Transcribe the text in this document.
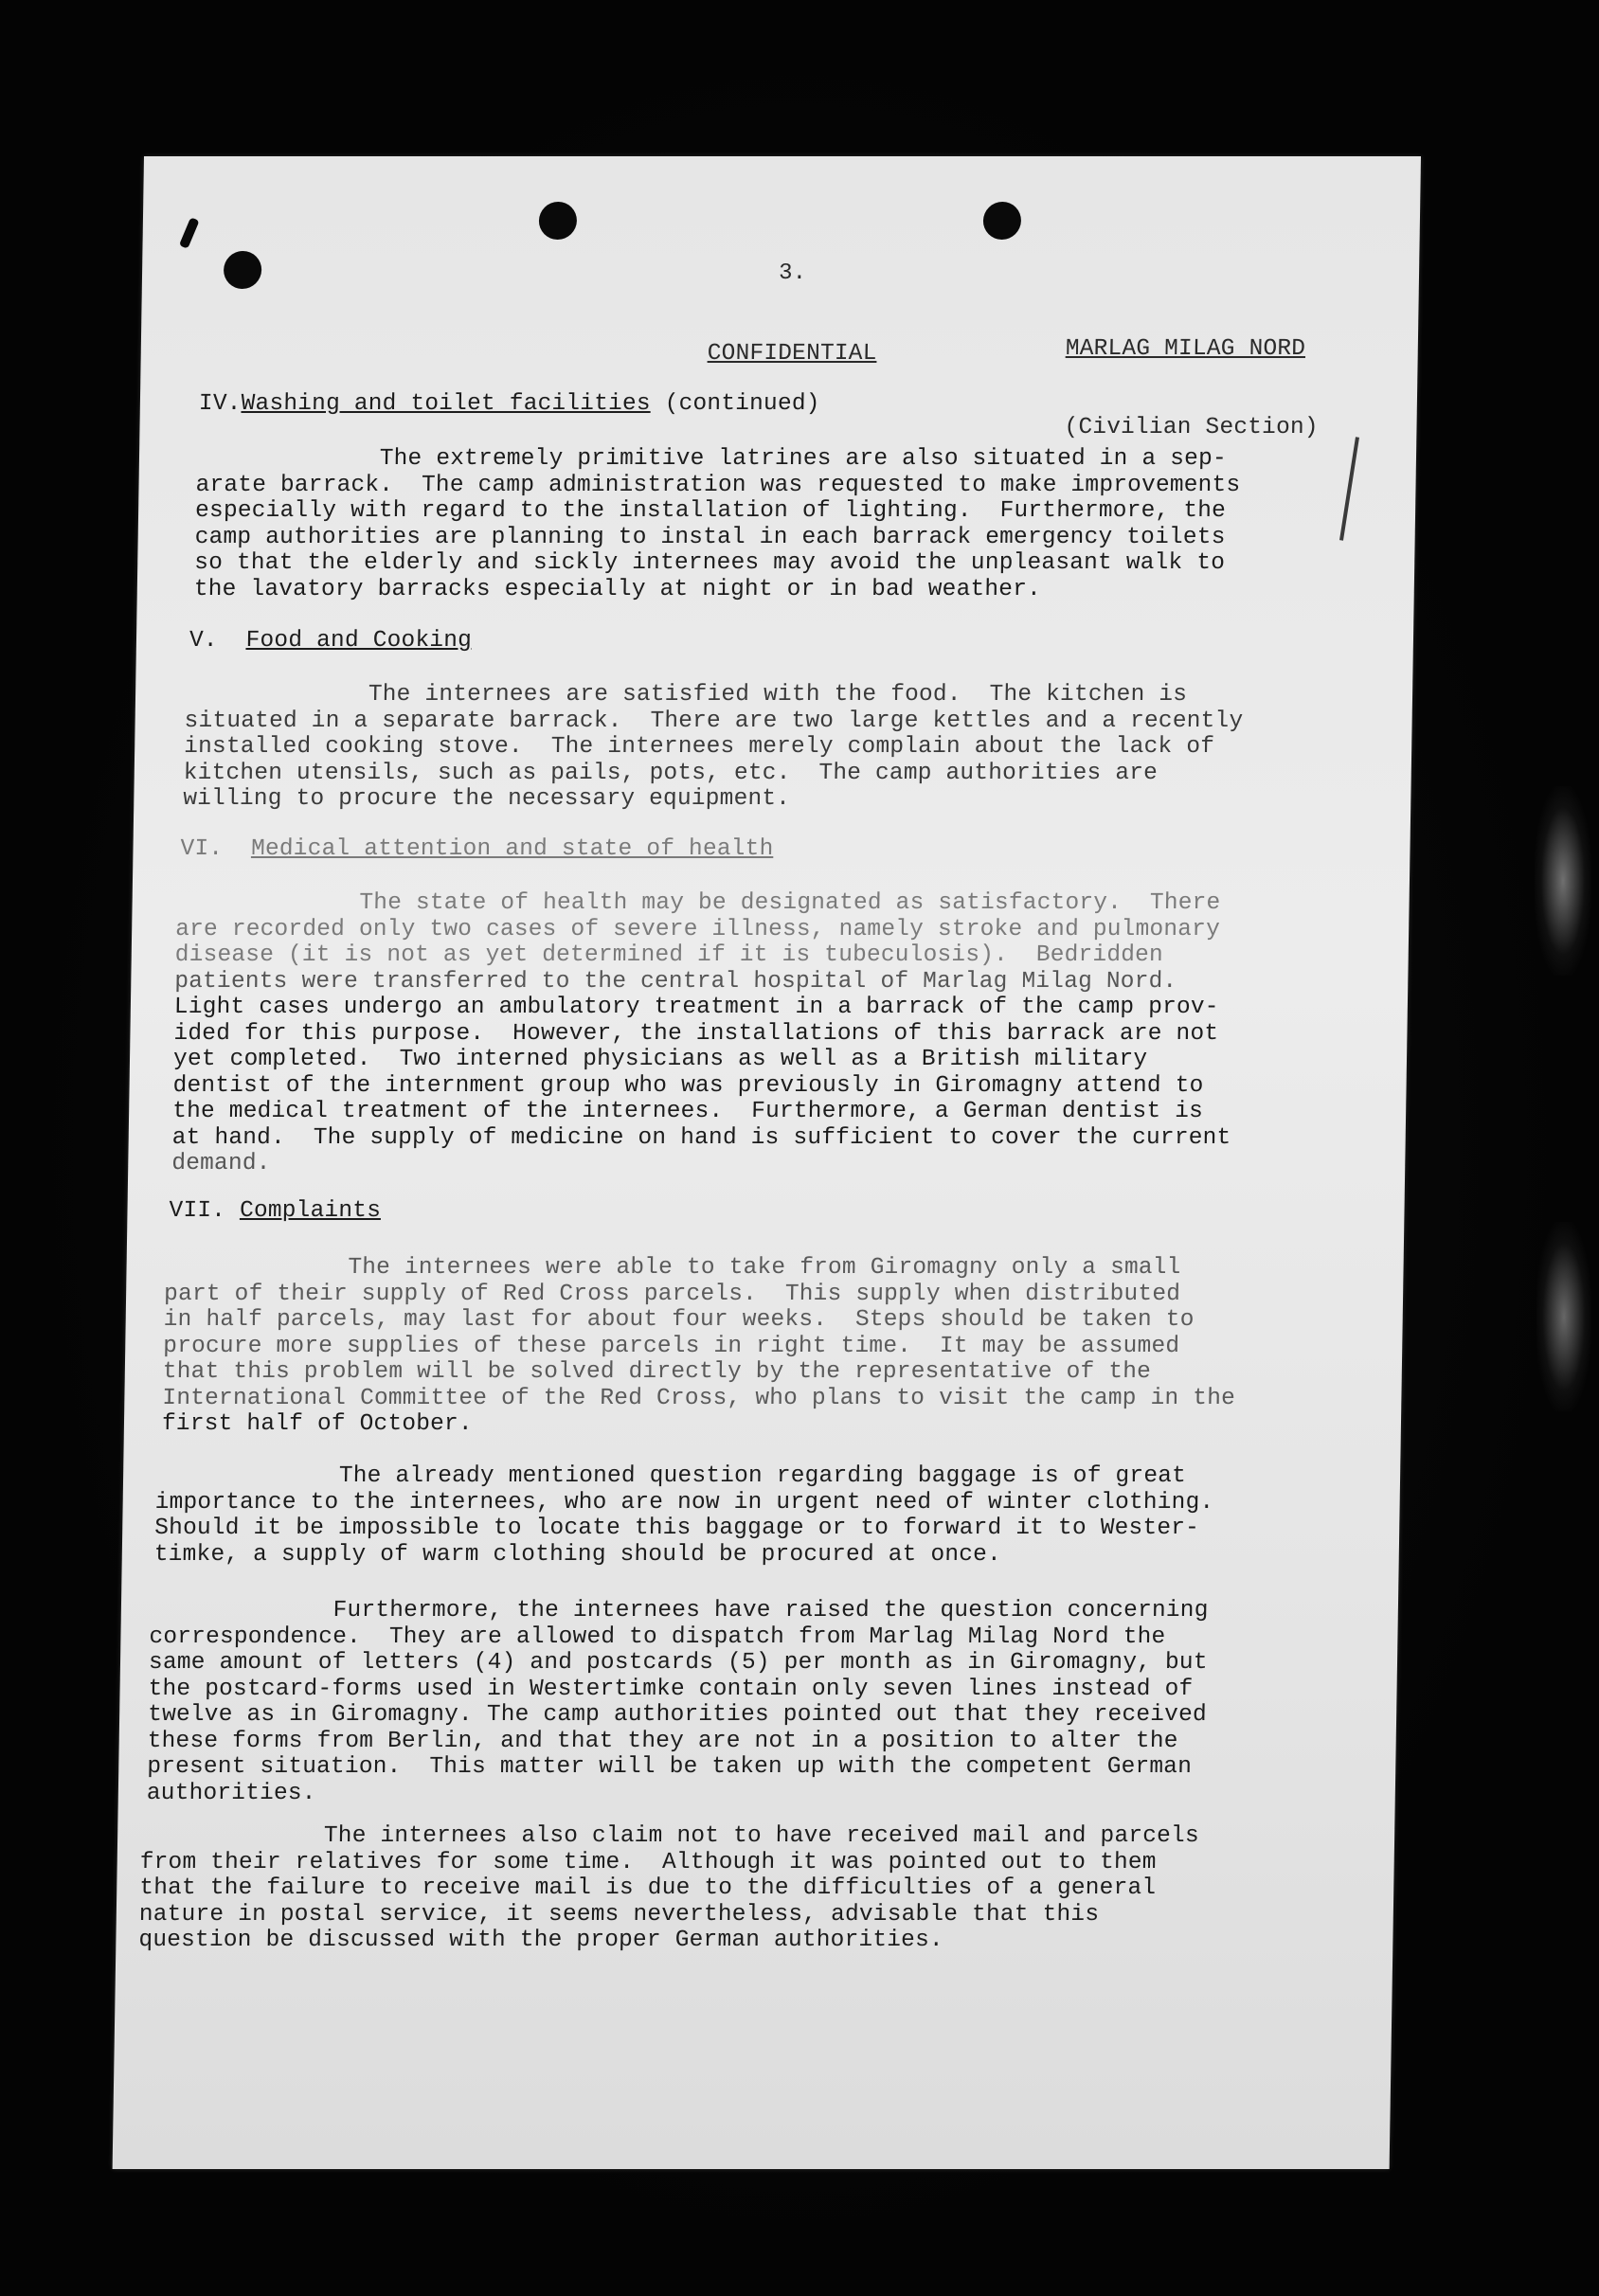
3.

MARLAG MILAG NORD

(Civilian Section)

CONFIDENTIAL
IV.Washing and toilet facilities (continued)
The extremely primitive latrines are also situated in a sep-
arate barrack.  The camp administration was requested to make improvements
especially with regard to the installation of lighting.  Furthermore, the
camp authorities are planning to instal in each barrack emergency toilets
so that the elderly and sickly internees may avoid the unpleasant walk to
the lavatory barracks especially at night or in bad weather.
V. Food and Cooking
The internees are satisfied with the food.  The kitchen is
situated in a separate barrack.  There are two large kettles and a recently
installed cooking stove.  The internees merely complain about the lack of
kitchen utensils, such as pails, pots, etc.  The camp authorities are
willing to procure the necessary equipment.
VI. Medical attention and state of health
The state of health may be designated as satisfactory.  There
are recorded only two cases of severe illness, namely stroke and pulmonary
disease (it is not as yet determined if it is tubeculosis).  Bedridden
patients were transferred to the central hospital of Marlag Milag Nord.
Light cases undergo an ambulatory treatment in a barrack of the camp prov-
ided for this purpose.  However, the installations of this barrack are not
yet completed.  Two interned physicians as well as a British military
dentist of the internment group who was previously in Giromagny attend to
the medical treatment of the internees.  Furthermore, a German dentist is
at hand.  The supply of medicine on hand is sufficient to cover the current
demand.
VII. Complaints
The internees were able to take from Giromagny only a small
part of their supply of Red Cross parcels.  This supply when distributed
in half parcels, may last for about four weeks.  Steps should be taken to
procure more supplies of these parcels in right time.  It may be assumed
that this problem will be solved directly by the representative of the
International Committee of the Red Cross, who plans to visit the camp in the
first half of October.
The already mentioned question regarding baggage is of great
importance to the internees, who are now in urgent need of winter clothing.
Should it be impossible to locate this baggage or to forward it to Wester-
timke, a supply of warm clothing should be procured at once.
Furthermore, the internees have raised the question concerning
correspondence.  They are allowed to dispatch from Marlag Milag Nord the
same amount of letters (4) and postcards (5) per month as in Giromagny, but
the postcard-forms used in Westertimke contain only seven lines instead of
twelve as in Giromagny. The camp authorities pointed out that they received
these forms from Berlin, and that they are not in a position to alter the
present situation.  This matter will be taken up with the competent German
authorities.
The internees also claim not to have received mail and parcels
from their relatives for some time.  Although it was pointed out to them
that the failure to receive mail is due to the difficulties of a general
nature in postal service, it seems nevertheless, advisable that this
question be discussed with the proper German authorities.
